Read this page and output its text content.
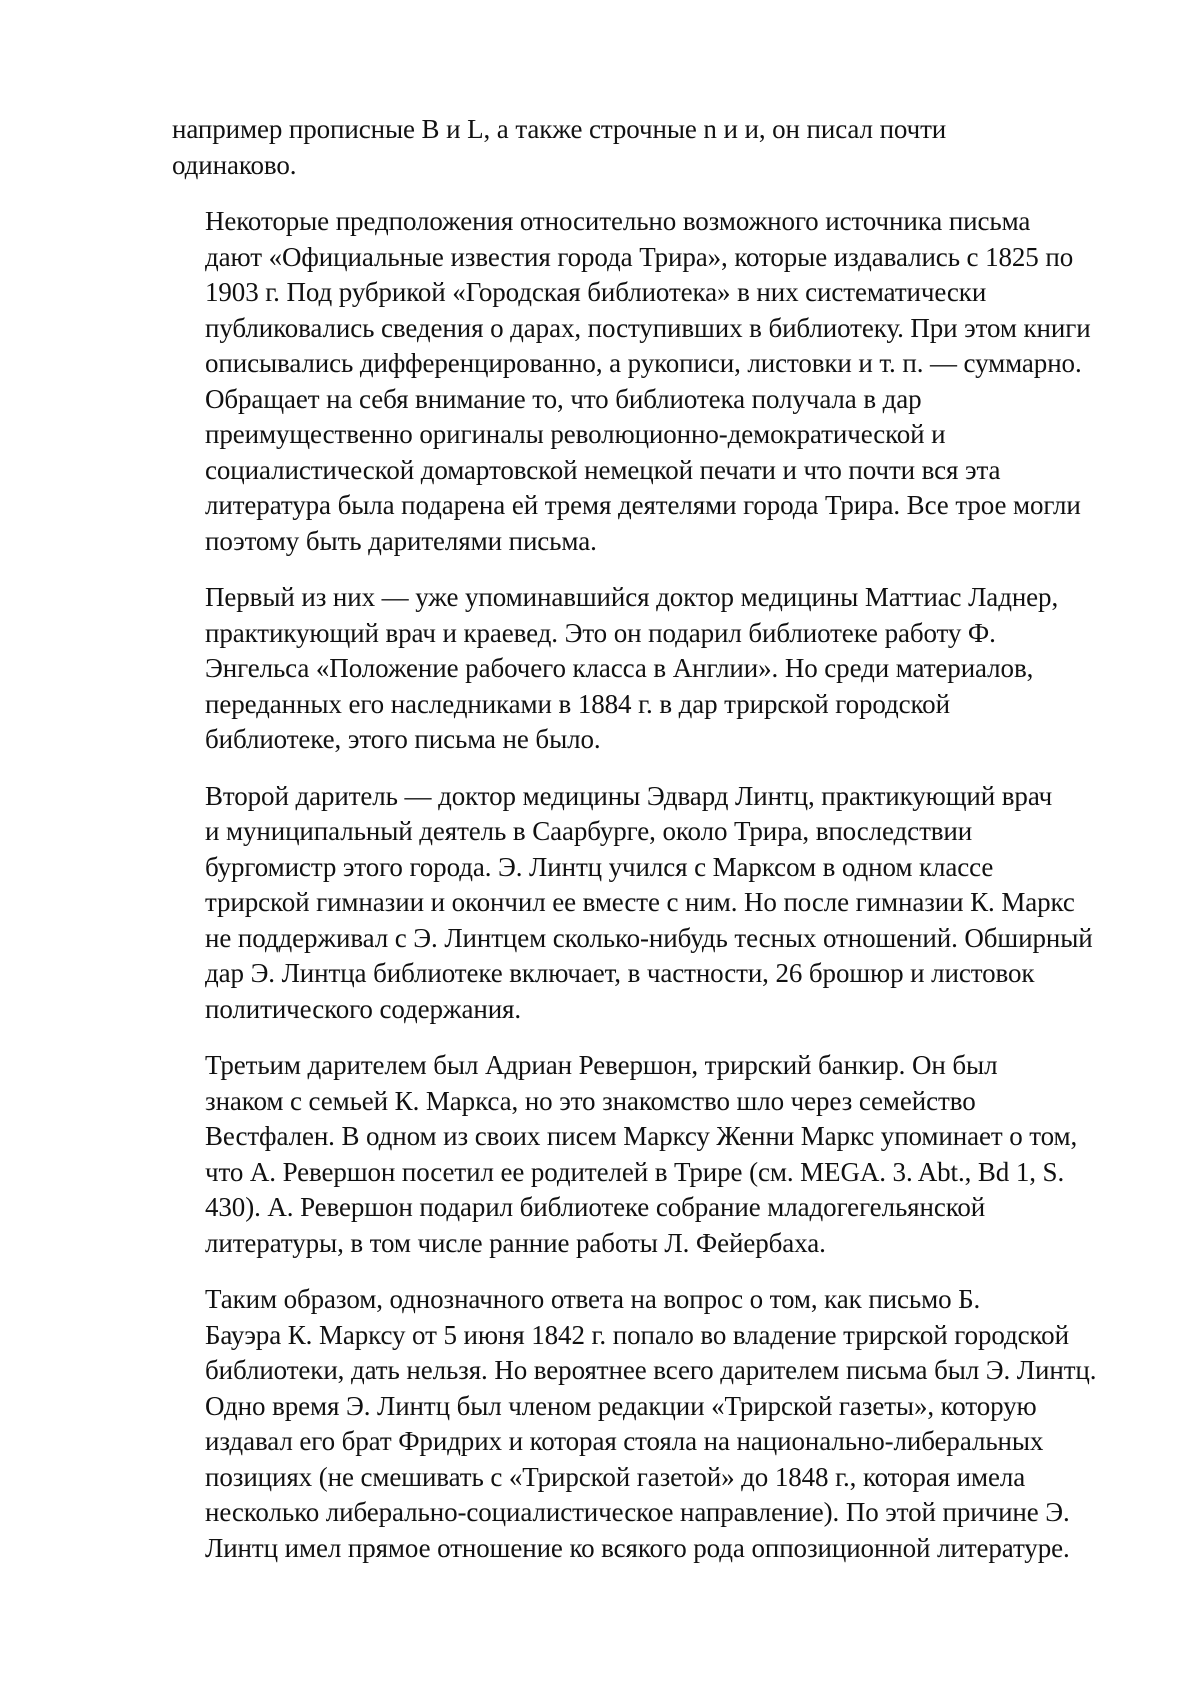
например прописные B и L, а также строчные n и и, он писал почти
одинаково.

Некоторые предположения относительно возможного источника письма
дают «Официальные известия города Трира», которые издавались с 1825 по
1903 г. Под рубрикой «Городская библиотека» в них систематически
публиковались сведения о дарах, поступивших в библиотеку. При этом книги
описывались дифференцированно, а рукописи, листовки и т. п. — суммарно.
Обращает на себя внимание то, что библиотека получала в дар
преимущественно оригиналы революционно-демократической и
социалистической домартовской немецкой печати и что почти вся эта
литература была подарена ей тремя деятелями города Трира. Все трое могли
поэтому быть дарителями письма.

Первый из них — уже упоминавшийся доктор медицины Маттиас Ладнер,
практикующий врач и краевед. Это он подарил библиотеке работу Ф.
Энгельса «Положение рабочего класса в Англии». Но среди материалов,
переданных его наследниками в 1884 г. в дар трирской городской
библиотеке, этого письма не было.

Второй даритель — доктор медицины Эдвард Линтц, практикующий врач
и муниципальный деятель в Саарбурге, около Трира, впоследствии
бургомистр этого города. Э. Линтц учился с Марксом в одном классе
трирской гимназии и окончил ее вместе с ним. Но после гимназии К. Маркс
не поддерживал с Э. Линтцем сколько-нибудь тесных отношений. Обширный
дар Э. Линтца библиотеке включает, в частности, 26 брошюр и листовок
политического содержания.

Третьим дарителем был Адриан Ревершон, трирский банкир. Он был
знаком с семьей К. Маркса, но это знакомство шло через семейство
Вестфален. В одном из своих писем Марксу Женни Маркс упоминает о том,
что А. Ревершон посетил ее родителей в Трире (см. MEGA. 3. Abt., Bd 1, S.
430). А. Ревершон подарил библиотеке собрание младогегельянской
литературы, в том числе ранние работы Л. Фейербаха.

Таким образом, однозначного ответа на вопрос о том, как письмо Б.
Бауэра К. Марксу от 5 июня 1842 г. попало во владение трирской городской
библиотеки, дать нельзя. Но вероятнее всего дарителем письма был Э. Линтц.
Одно время Э. Линтц был членом редакции «Трирской газеты», которую
издавал его брат Фридрих и которая стояла на национально-либеральных
позициях (не смешивать с «Трирской газетой» до 1848 г., которая имела
несколько либерально-социалистическое направление). По этой причине Э.
Линтц имел прямое отношение ко всякого рода оппозиционной литературе.
